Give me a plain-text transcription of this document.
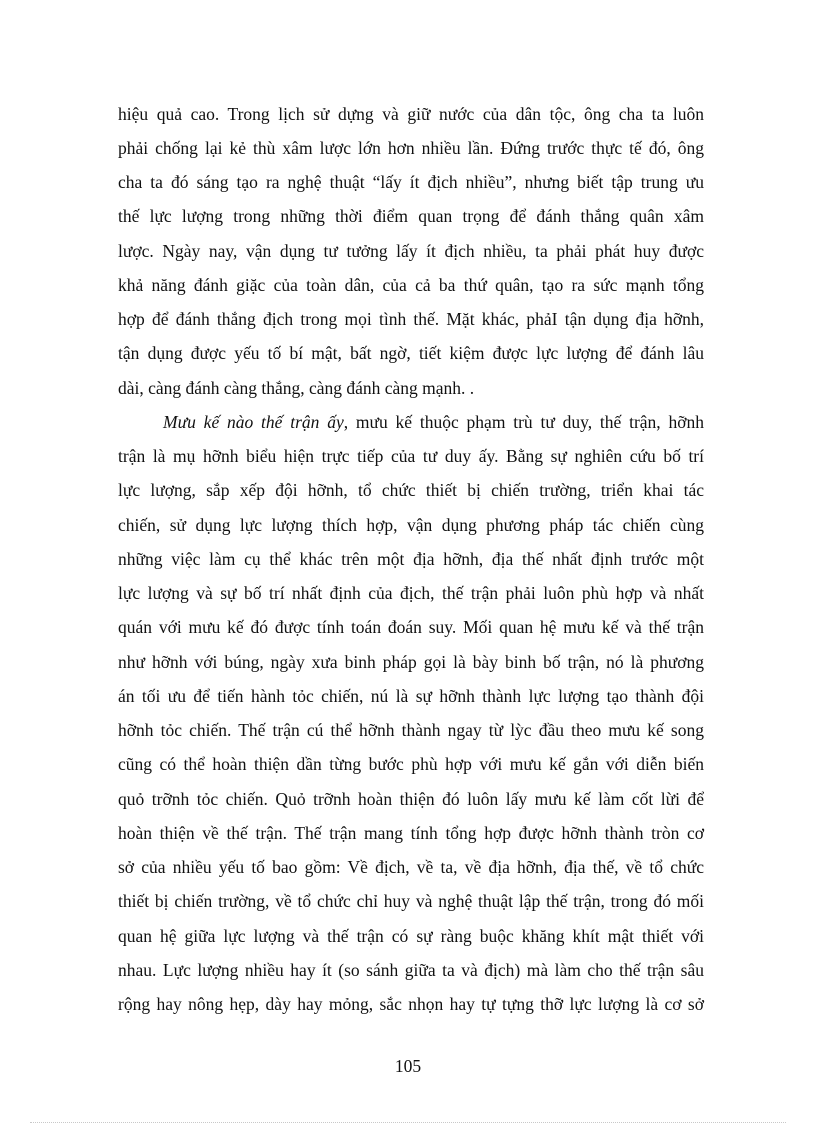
hiệu quả cao. Trong lịch sử dựng và giữ nước của dân tộc, ông cha ta luôn
phải chống lại kẻ thù xâm lược lớn hơn nhiều lần. Đứng trước thực tế đó, ông
cha ta đó sáng tạo ra nghệ thuật “lấy ít địch nhiều”, nhưng biết tập trung ưu
thế lực lượng trong những thời điểm quan trọng để đánh thắng quân xâm
lược. Ngày nay, vận dụng tư tưởng lấy ít địch nhiều, ta phải phát huy được
khả năng đánh giặc của toàn dân, của cả ba thứ quân, tạo ra sức mạnh tổng
hợp để đánh thắng địch trong mọi tình thế. Mặt khác, phảI tận dụng địa hỡnh,
tận dụng được yếu tố bí mật, bất ngờ, tiết kiệm được lực lượng để đánh lâu
dài, càng đánh càng thắng, càng đánh càng mạnh. .
Mưu kế nào thế trận ấy, mưu kế thuộc phạm trù tư duy, thế trận, hỡnh
trận là mụ hỡnh biểu hiện trực tiếp của tư duy ấy. Bằng sự nghiên cứu bố trí
lực lượng, sắp xếp đội hỡnh, tổ chức thiết bị chiến trường, triển khai tác
chiến, sử dụng lực lượng thích hợp, vận dụng phương pháp tác chiến cùng
những việc làm cụ thể khác trên một địa hỡnh, địa thế nhất định trước một
lực lượng và sự bố trí nhất định của địch, thế trận phải luôn phù hợp và nhất
quán với mưu kế đó được tính toán đoán suy. Mối quan hệ mưu kế và thế trận
như hỡnh với búng, ngày xưa binh pháp gọi là bày binh bố trận, nó là phương
án tối ưu để tiến hành tỏc chiến, nú là sự hỡnh thành lực lượng tạo thành đội
hỡnh tỏc chiến. Thế trận cú thể hỡnh thành ngay từ lỳc đầu theo mưu kế song
cũng có thể hoàn thiện dần từng bước phù hợp với mưu kế gắn với diễn biến
quỏ trỡnh tỏc chiến. Quỏ trỡnh hoàn thiện đó luôn lấy mưu kế làm cốt lừi để
hoàn thiện về thế trận. Thế trận mang tính tổng hợp được hỡnh thành tròn cơ
sở của nhiều yếu tố bao gồm: Về địch, về ta, về địa hỡnh, địa thế, về tổ chức
thiết bị chiến trường, về tổ chức chỉ huy và nghệ thuật lập thế trận, trong đó mối
quan hệ giữa lực lượng và thế trận có sự ràng buộc khăng khít mật thiết với
nhau. Lực lượng nhiều hay ít (so sánh giữa ta và địch) mà làm cho thế trận sâu
rộng hay nông hẹp, dày hay mỏng, sắc nhọn hay tự tựng thỡ lực lượng là cơ sở
105
